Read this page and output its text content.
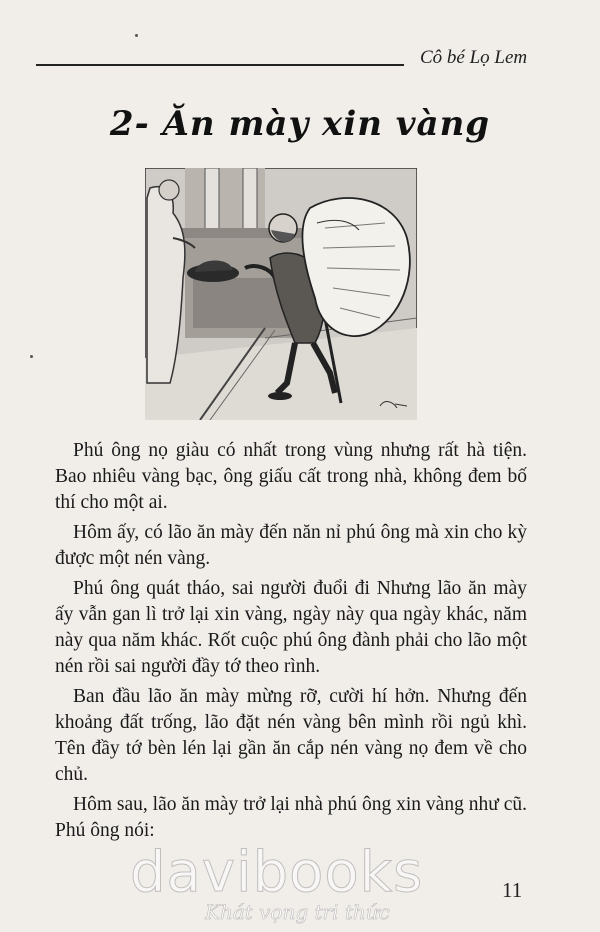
Cô bé Lọ Lem
2- Ăn mày xin vàng

Phú ông nọ giàu có nhất trong vùng nhưng rất hà tiện. Bao nhiêu vàng bạc, ông giấu cất trong nhà, không đem bố thí cho một ai.

Hôm ấy, có lão ăn mày đến năn nỉ phú ông mà xin cho kỳ được một nén vàng.

Phú ông quát tháo, sai người đuổi đi Nhưng lão ăn mày ấy vẫn gan lì trở lại xin vàng, ngày này qua ngày khác, năm này qua năm khác. Rốt cuộc phú ông đành phải cho lão một nén rồi sai người đầy tớ theo rình.

Ban đầu lão ăn mày mừng rỡ, cười hí hởn. Nhưng đến khoảng đất trống, lão đặt nén vàng bên mình rồi ngủ khì. Tên đầy tớ bèn lén lại gần ăn cắp nén vàng nọ đem về cho chủ.

Hôm sau, lão ăn mày trở lại nhà phú ông xin vàng như cũ. Phú ông nói:

11
davibooks
Khát vọng tri thức
